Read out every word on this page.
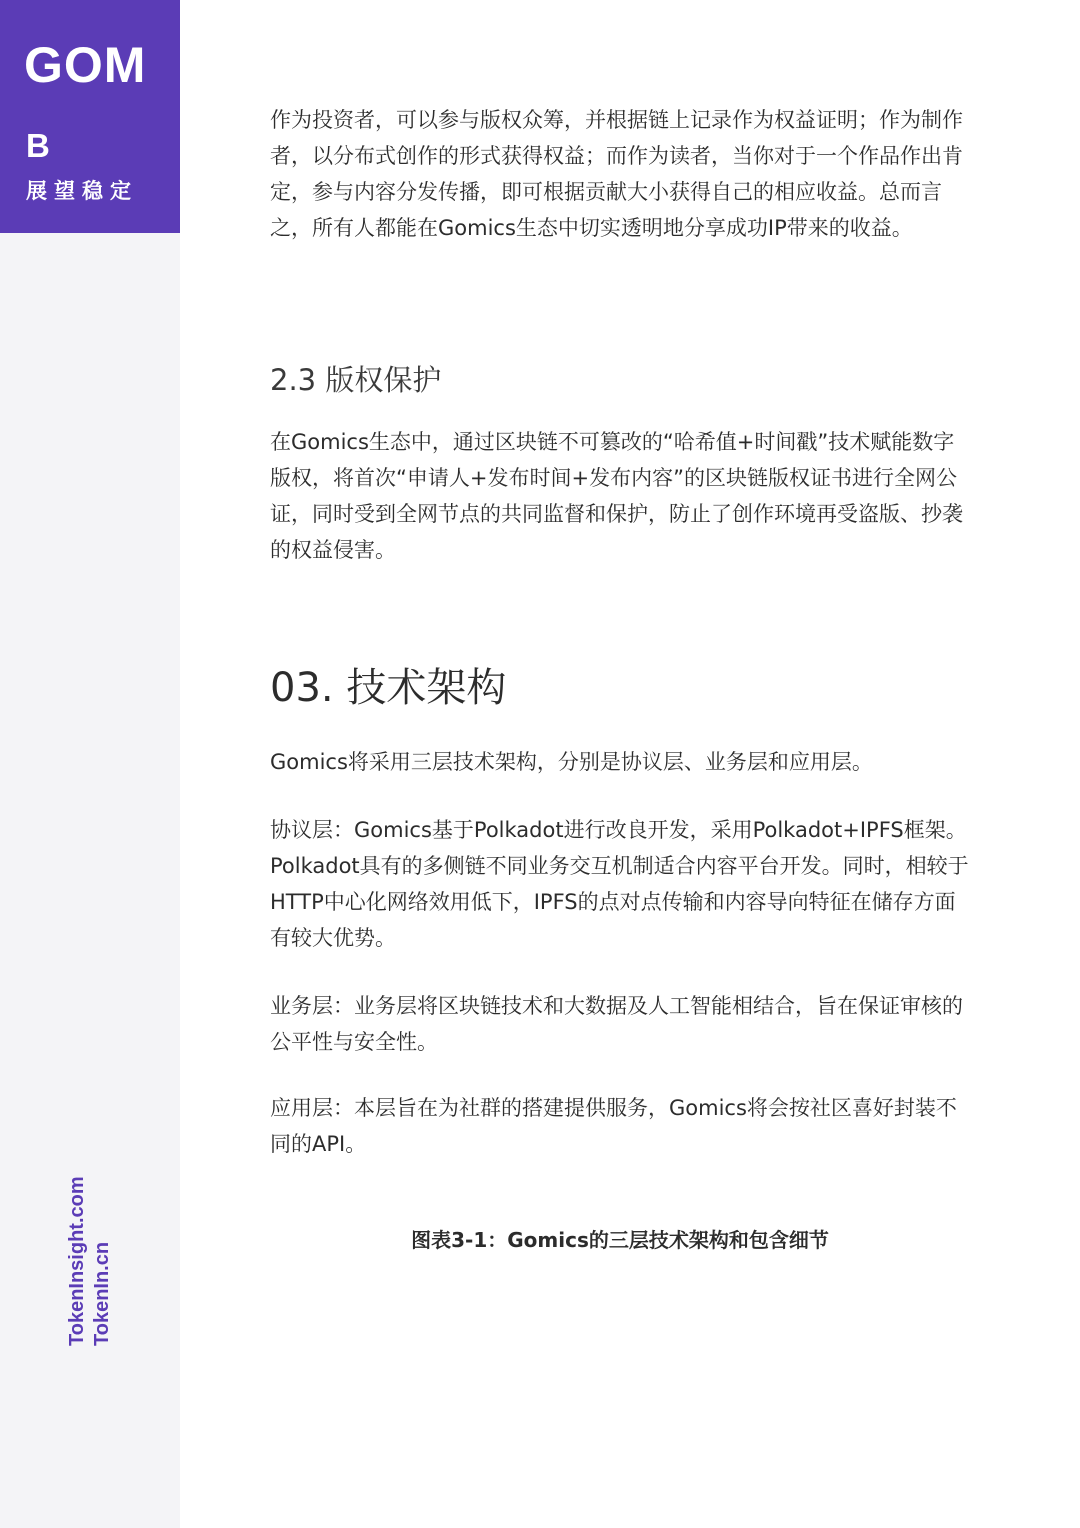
GOM
B
展望稳定
TokenInsight.com TokenIn.cn

作为投资者，可以参与版权众筹，并根据链上记录作为权益证明；作为制作者，以分布式创作的形式获得权益；而作为读者，当你对于一个作品作出肯定，参与内容分发传播，即可根据贡献大小获得自己的相应收益。总而言之，所有人都能在Gomics生态中切实透明地分享成功IP带来的收益。

2.3 版权保护

在Gomics生态中，通过区块链不可篡改的“哈希值+时间戳”技术赋能数字版权，将首次“申请人+发布时间+发布内容”的区块链版权证书进行全网公证，同时受到全网节点的共同监督和保护，防止了创作环境再受盗版、抄袭的权益侵害。

03. 技术架构

Gomics将采用三层技术架构，分别是协议层、业务层和应用层。

协议层：Gomics基于Polkadot进行改良开发，采用Polkadot+IPFS框架。Polkadot具有的多侧链不同业务交互机制适合内容平台开发。同时，相较于HTTP中心化网络效用低下，IPFS的点对点传输和内容导向特征在储存方面有较大优势。

业务层：业务层将区块链技术和大数据及人工智能相结合，旨在保证审核的公平性与安全性。

应用层：本层旨在为社群的搭建提供服务，Gomics将会按社区喜好封装不同的API。

图表3-1：Gomics的三层技术架构和包含细节
